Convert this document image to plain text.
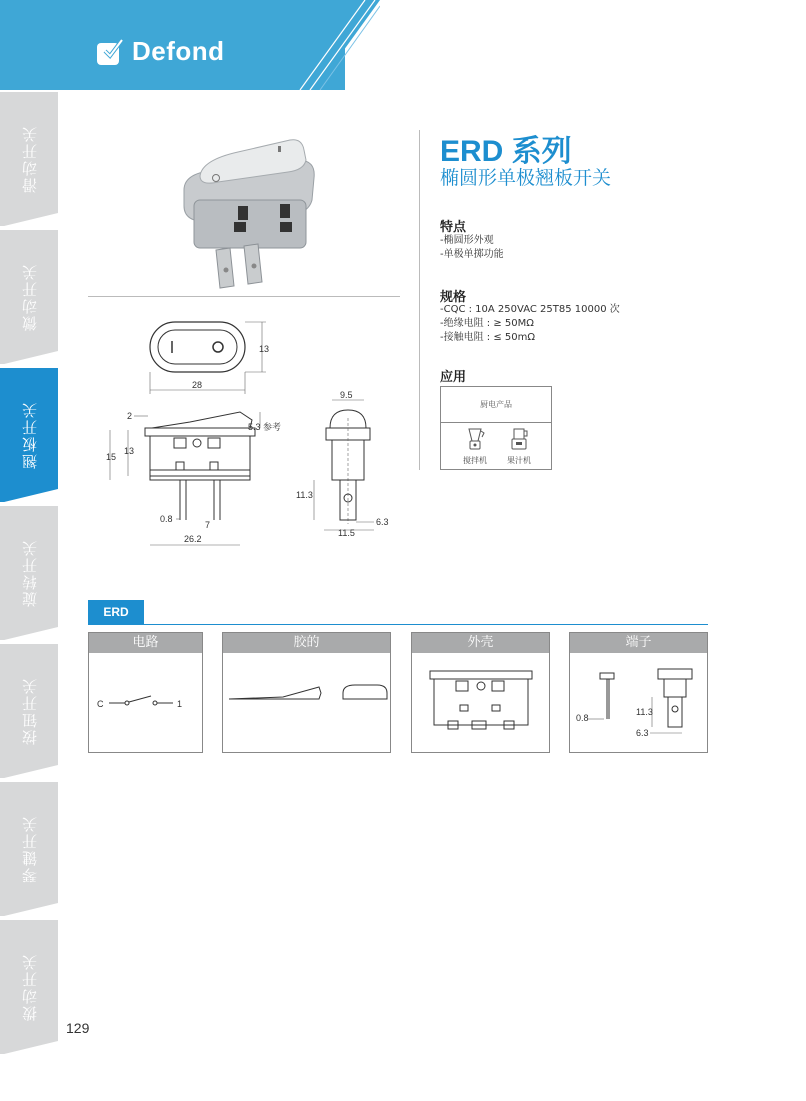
Defond
滑动开关
微动开关
翘板开关
旋转开关
按钮开关
琴键开关
拨动开关
ERD 系列
椭圆形单极翘板开关
特点
-椭圆形外观
-单极单掷功能
规格
-CQC : 10A 250VAC 25T85 10000 次
-绝缘电阻 : ≥ 50MΩ
-接触电阻 : ≤ 50mΩ
应用
厨电产品
搅拌机	果汁机
13
28
2
15
13
5.3 参考
0.8
7
26.2
9.5
11.3
11.5
6.3
ERD
电路
C	1
胶的	外壳	端子
11.3
0.8
6.3
129
